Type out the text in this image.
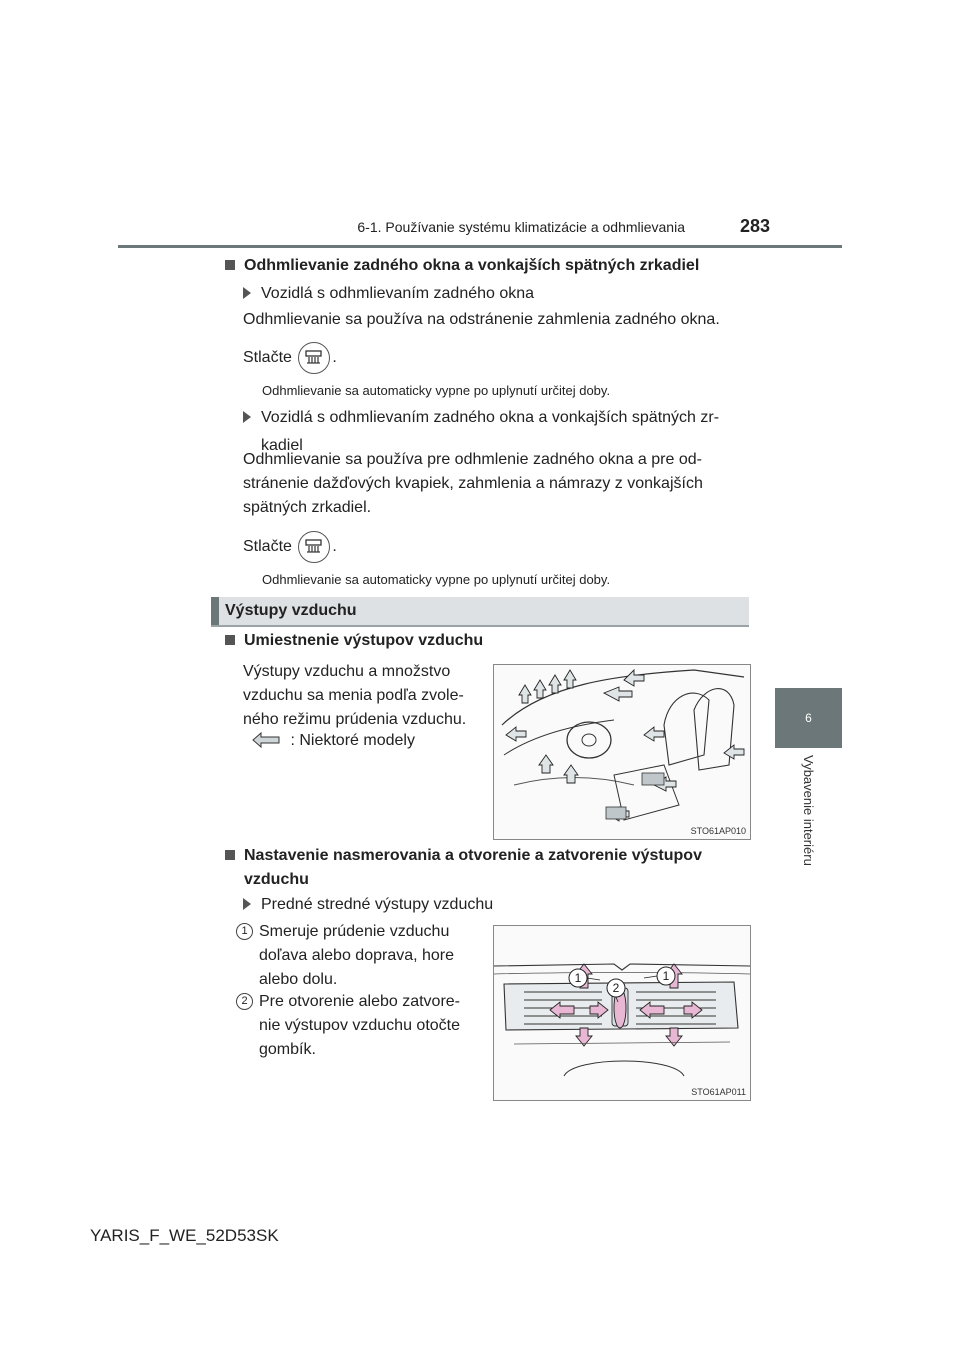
6-1. Používanie systému klimatizácie a odhmlievania	283
6
Vybavenie interiéru
Odhmlievanie zadného okna a vonkajších spätných zrkadiel
Vozidlá s odhmlievaním zadného okna
Odhmlievanie sa používa na odstránenie zahmlenia zadného okna.
Stlačte	.
Odhmlievanie sa automaticky vypne po uplynutí určitej doby.
Vozidlá s odhmlievaním zadného okna a vonkajších spätných zr-
kadiel
Odhmlievanie sa používa pre odhmlenie zadného okna a pre od-
stránenie dažďových kvapiek, zahmlenia a námrazy z vonkajších
spätných zrkadiel.
Stlačte	.
Odhmlievanie sa automaticky vypne po uplynutí určitej doby.
Výstupy vzduchu
Umiestnenie výstupov vzduchu
Výstupy vzduchu a množstvo
vzduchu sa menia podľa zvole-
ného režimu prúdenia vzduchu.
: Niektoré modely
STO61AP010
Nastavenie nasmerovania a otvorenie a zatvorenie výstupov
vzduchu
Predné stredné výstupy vzduchu
1 Smeruje prúdenie vzduchu
doľava alebo doprava, hore
alebo dolu.
2 Pre otvorenie alebo zatvore-
nie výstupov vzduchu otočte
gombík.
1
2
1
STO61AP011
YARIS_F_WE_52D53SK
